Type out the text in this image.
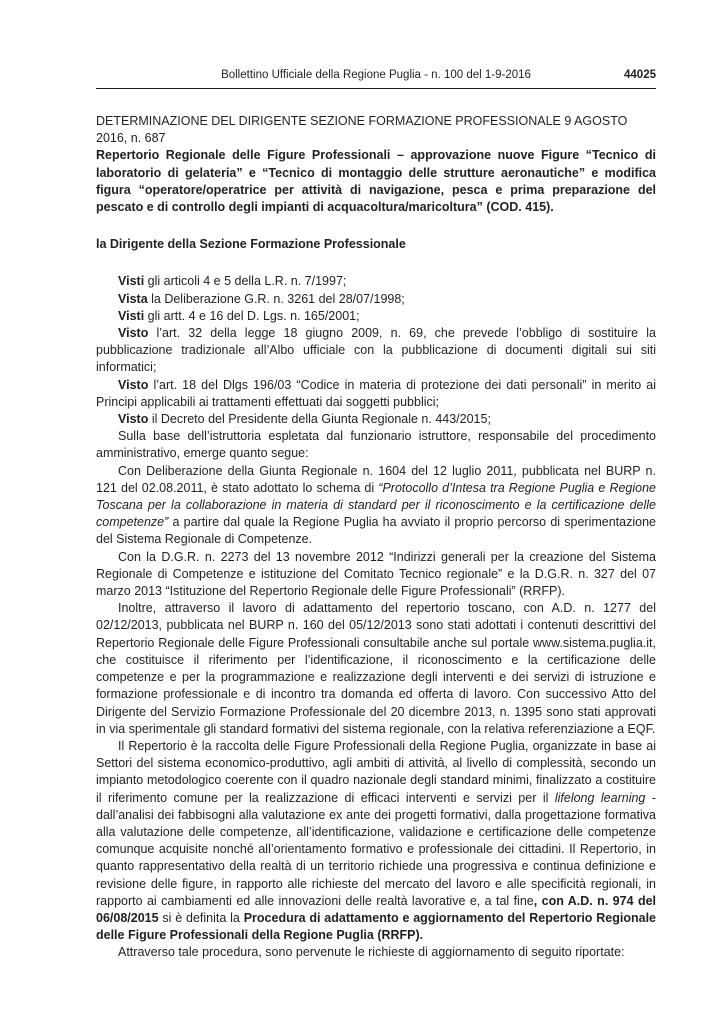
Bollettino Ufficiale della Regione Puglia - n. 100 del 1-9-2016	44025

DETERMINAZIONE DEL DIRIGENTE SEZIONE FORMAZIONE PROFESSIONALE 9 AGOSTO 2016, n. 687

Repertorio Regionale delle Figure Professionali – approvazione nuove Figure “Tecnico di laboratorio di gelateria” e “Tecnico di montaggio delle strutture aeronautiche” e modifica figura “operatore/operatrice per attività di navigazione, pesca e prima preparazione del pescato e di controllo degli impianti di acquacoltura/maricoltura” (COD. 415).

la Dirigente della Sezione Formazione Professionale

Visti gli articoli 4 e 5 della L.R. n. 7/1997;

Vista la Deliberazione G.R. n. 3261 del 28/07/1998;

Visti gli artt. 4 e 16 del D. Lgs. n. 165/2001;

Visto l’art. 32 della legge 18 giugno 2009, n. 69, che prevede l’obbligo di sostituire la pubblicazione tradizionale all’Albo ufficiale con la pubblicazione di documenti digitali sui siti informatici;

Visto l’art. 18 del Dlgs 196/03 “Codice in materia di protezione dei dati personali” in merito ai Principi applicabili ai trattamenti effettuati dai soggetti pubblici;

Visto il Decreto del Presidente della Giunta Regionale n. 443/2015;

Sulla base dell’istruttoria espletata dal funzionario istruttore, responsabile del procedimento amministrativo, emerge quanto segue:

Con Deliberazione della Giunta Regionale n. 1604 del 12 luglio 2011, pubblicata nel BURP n. 121 del 02.08.2011, è stato adottato lo schema di “Protocollo d’Intesa tra Regione Puglia e Regione Toscana per la collaborazione in materia di standard per il riconoscimento e la certificazione delle competenze” a partire dal quale la Regione Puglia ha avviato il proprio percorso di sperimentazione del Sistema Regionale di Competenze.

Con la D.G.R. n. 2273 del 13 novembre 2012 “Indirizzi generali per la creazione del Sistema Regionale di Competenze e istituzione del Comitato Tecnico regionale” e la D.G.R. n. 327 del 07 marzo 2013 “Istituzione del Repertorio Regionale delle Figure Professionali” (RRFP).

Inoltre, attraverso il lavoro di adattamento del repertorio toscano, con A.D. n. 1277 del 02/12/2013, pubblicata nel BURP n. 160 del 05/12/2013 sono stati adottati i contenuti descrittivi del Repertorio Regionale delle Figure Professionali consultabile anche sul portale www.sistema.puglia.it, che costituisce il riferimento per l’identificazione, il riconoscimento e la certificazione delle competenze e per la programmazione e realizzazione degli interventi e dei servizi di istruzione e formazione professionale e di incontro tra domanda ed offerta di lavoro. Con successivo Atto del Dirigente del Servizio Formazione Professionale del 20 dicembre 2013, n. 1395 sono stati approvati in via sperimentale gli standard formativi del sistema regionale, con la relativa referenziazione a EQF.

Il Repertorio è la raccolta delle Figure Professionali della Regione Puglia, organizzate in base ai Settori del sistema economico-produttivo, agli ambiti di attività, al livello di complessità, secondo un impianto metodologico coerente con il quadro nazionale degli standard minimi, finalizzato a costituire il riferimento comune per la realizzazione di efficaci interventi e servizi per il lifelong learning - dall’analisi dei fabbisogni alla valutazione ex ante dei progetti formativi, dalla progettazione formativa alla valutazione delle competenze, all’identificazione, validazione e certificazione delle competenze comunque acquisite nonché all’orientamento formativo e professionale dei cittadini. Il Repertorio, in quanto rappresentativo della realtà di un territorio richiede una progressiva e continua definizione e revisione delle figure, in rapporto alle richieste del mercato del lavoro e alle specificità regionali, in rapporto ai cambiamenti ed alle innovazioni delle realtà lavorative e, a tal fine, con A.D. n. 974 del 06/08/2015 si è definita la Procedura di adattamento e aggiornamento del Repertorio Regionale delle Figure Professionali della Regione Puglia (RRFP).

Attraverso tale procedura, sono pervenute le richieste di aggiornamento di seguito riportate:
